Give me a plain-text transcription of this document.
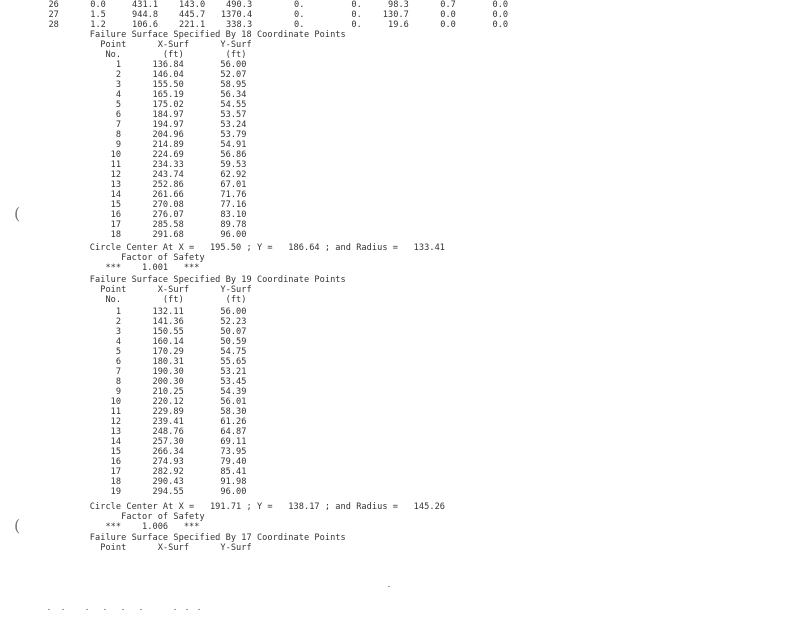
26      0.0     431.1    143.0    490.3        0.         0.     98.3      0.7       0.0
27      1.5     944.8    445.7   1370.4        0.         0.    130.7      0.0       0.0
28      1.2     106.6    221.1    338.3        0.         0.     19.6      0.0       0.0
Failure Surface Specified By 18 Coordinate Points
Point      X-Surf      Y-Surf
No.        (ft)        (ft)
1      136.84       56.00
2      146.04       52.07
3      155.50       58.95
4      165.19       56.34
5      175.02       54.55
6      184.97       53.57
7      194.97       53.24
8      204.96       53.79
9      214.89       54.91
10      224.69       56.86
11      234.33       59.53
12      243.74       62.92
13      252.86       67.01
14      261.66       71.76
15      270.08       77.16
16      276.07       83.10
17      285.58       89.78
18      291.68       96.00
Circle Center At X =   195.50 ; Y =   186.64 ; and Radius =   133.41
Factor of Safety
***    1.001   ***
Failure Surface Specified By 19 Coordinate Points
Point      X-Surf      Y-Surf
No.        (ft)        (ft)
1      132.11       56.00
2      141.36       52.23
3      150.55       50.07
4      160.14       50.59
5      170.29       54.75
6      180.31       55.65
7      190.30       53.21
8      200.30       53.45
9      210.25       54.39
10      220.12       56.01
11      229.89       58.30
12      239.41       61.26
13      248.76       64.87
14      257.30       69.11
15      266.34       73.95
16      274.93       79.40
17      282.92       85.41
18      290.43       91.98
19      294.55       96.00
Circle Center At X =   191.71 ; Y =   138.17 ; and Radius =   145.26
Factor of Safety
***    1.006   ***
Failure Surface Specified By 17 Coordinate Points
Point      X-Surf      Y-Surf
(
(
